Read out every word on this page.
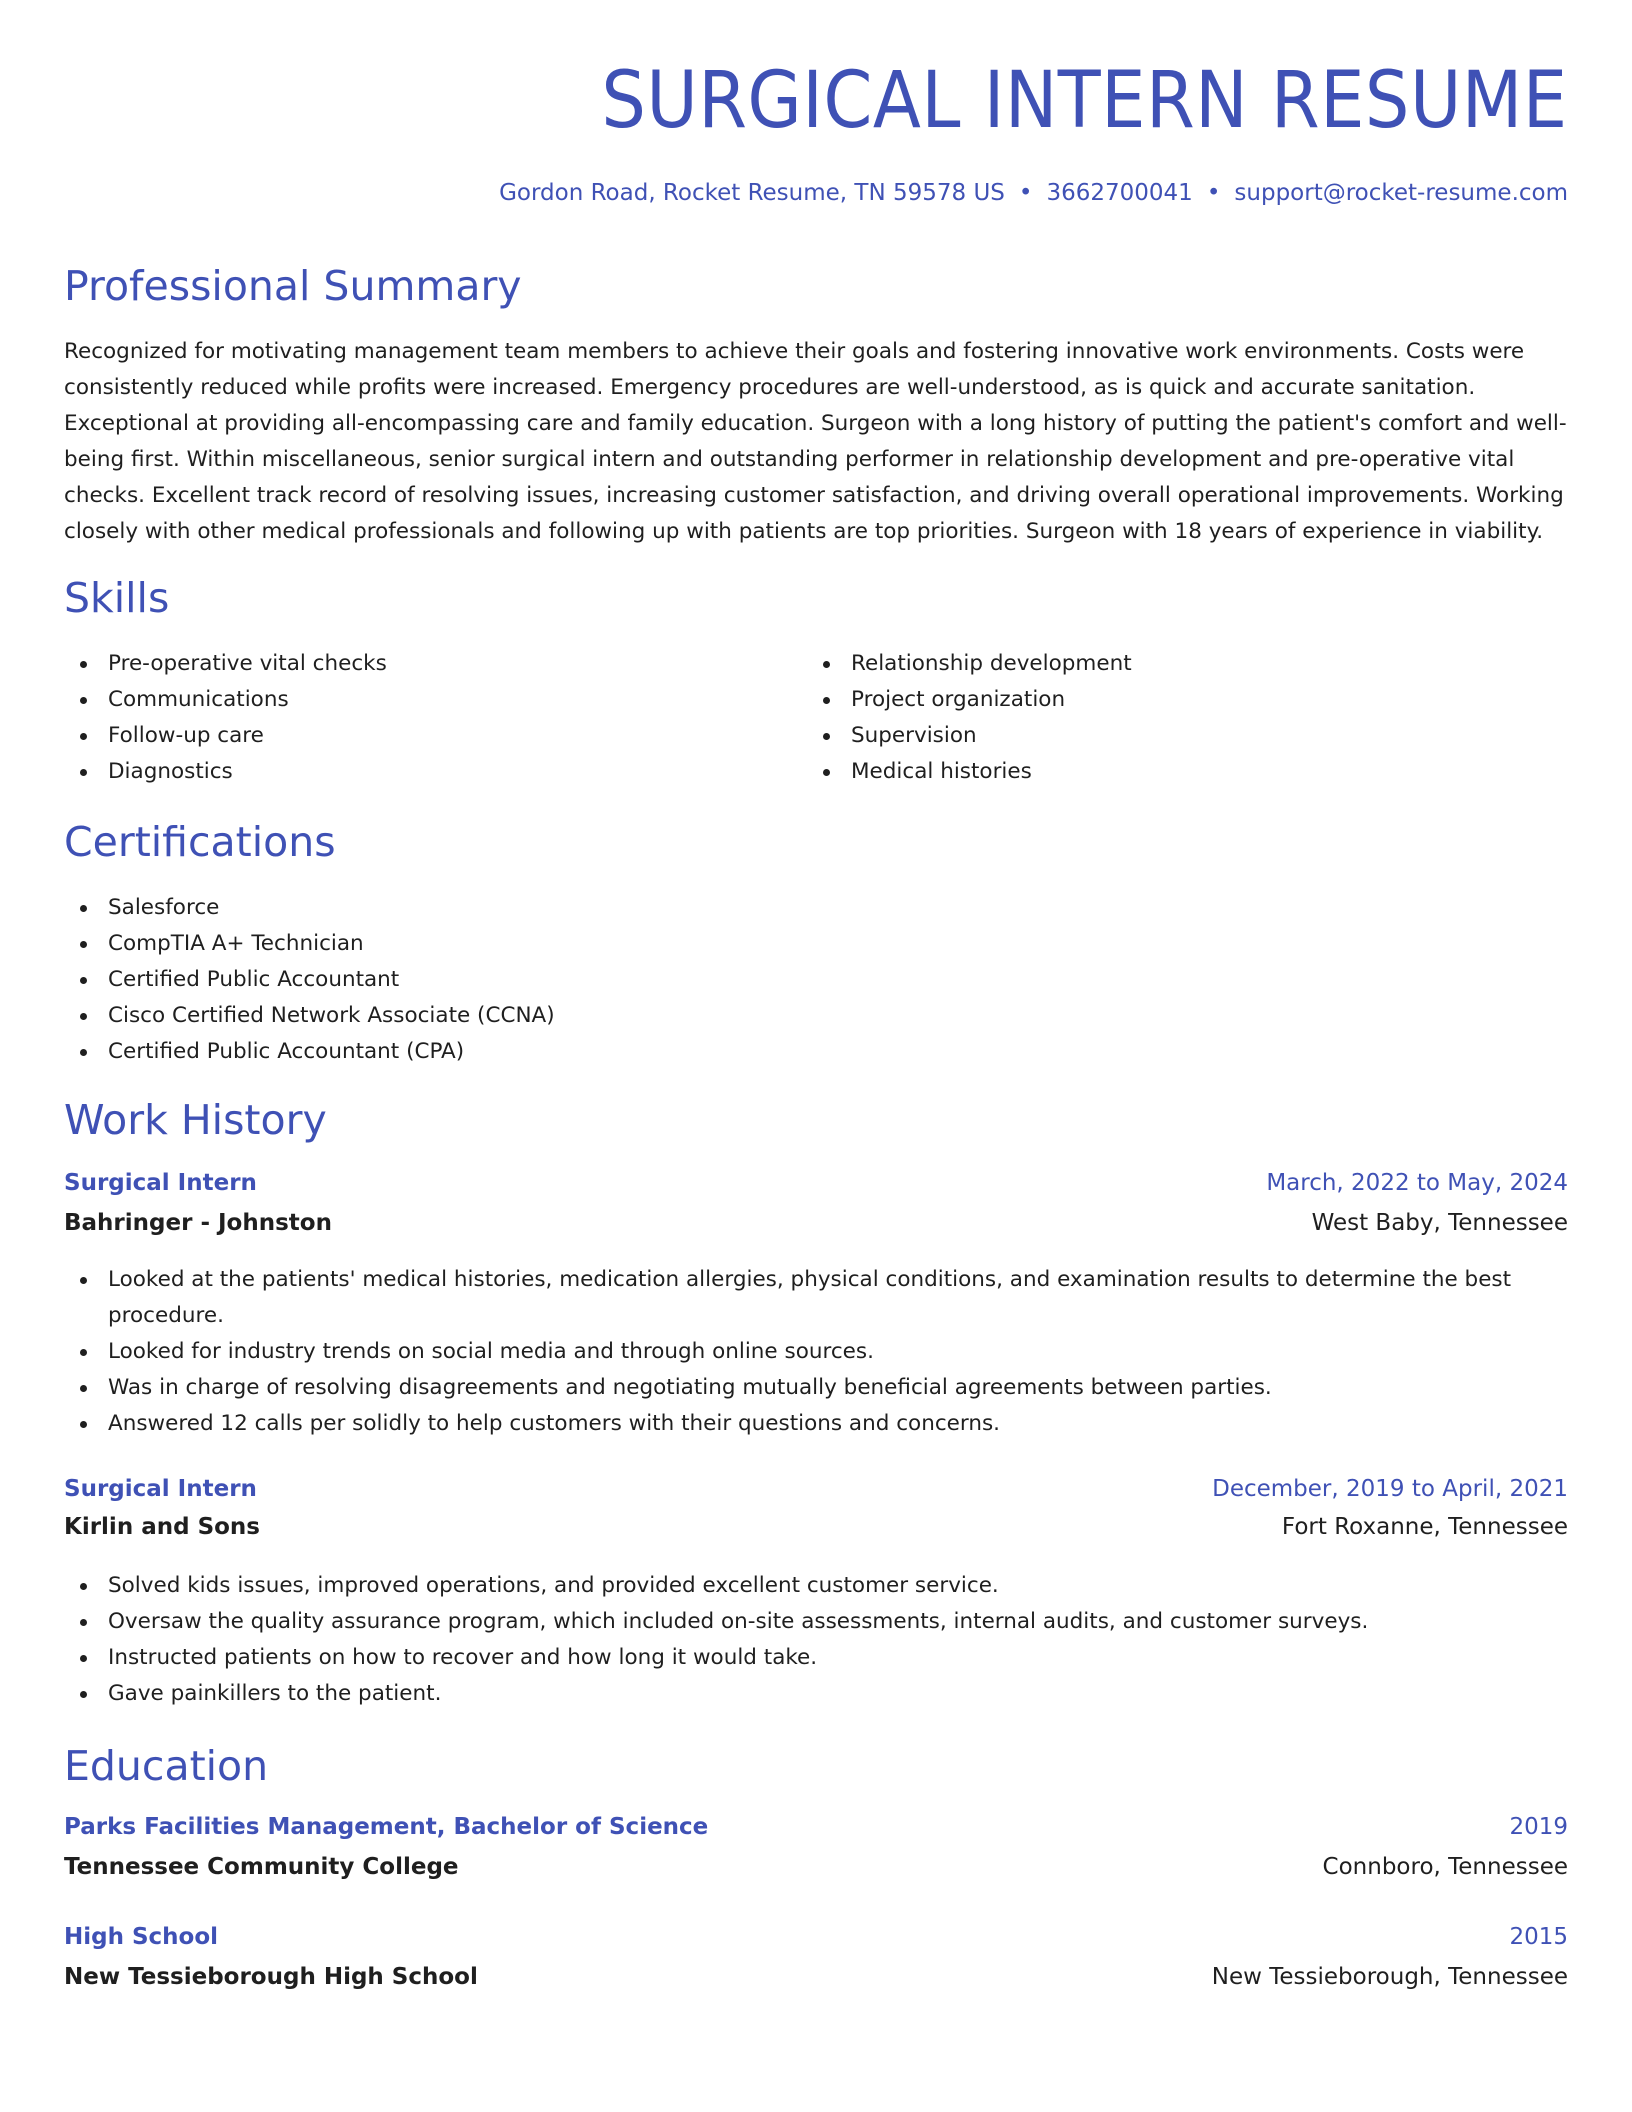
SURGICAL INTERN RESUME
Gordon Road, Rocket Resume, TN 59578 US • 3662700041 • support@rocket-resume.com
Professional Summary

Recognized for motivating management team members to achieve their goals and fostering innovative work environments. Costs were consistently reduced while profits were increased. Emergency procedures are well-understood, as is quick and accurate sanitation. Exceptional at providing all-encompassing care and family education. Surgeon with a long history of putting the patient's comfort and well-being first. Within miscellaneous, senior surgical intern and outstanding performer in relationship development and pre-operative vital checks. Excellent track record of resolving issues, increasing customer satisfaction, and driving overall operational improvements. Working closely with other medical professionals and following up with patients are top priorities. Surgeon with 18 years of experience in viability.

Skills
Pre-operative vital checks
Communications
Follow-up care
Diagnostics
Relationship development
Project organization
Supervision
Medical histories
Certifications
Salesforce
CompTIA A+ Technician
Certified Public Accountant
Cisco Certified Network Associate (CCNA)
Certified Public Accountant (CPA)
Work History
Surgical Intern	March, 2022 to May, 2024
Bahringer - Johnston	West Baby, Tennessee
Looked at the patients' medical histories, medication allergies, physical conditions, and examination results to determine the best procedure.
Looked for industry trends on social media and through online sources.
Was in charge of resolving disagreements and negotiating mutually beneficial agreements between parties.
Answered 12 calls per solidly to help customers with their questions and concerns.
Surgical Intern	December, 2019 to April, 2021
Kirlin and Sons	Fort Roxanne, Tennessee
Solved kids issues, improved operations, and provided excellent customer service.
Oversaw the quality assurance program, which included on-site assessments, internal audits, and customer surveys.
Instructed patients on how to recover and how long it would take.
Gave painkillers to the patient.
Education
Parks Facilities Management, Bachelor of Science	2019
Tennessee Community College	Connboro, Tennessee
High School	2015
New Tessieborough High School	New Tessieborough, Tennessee
